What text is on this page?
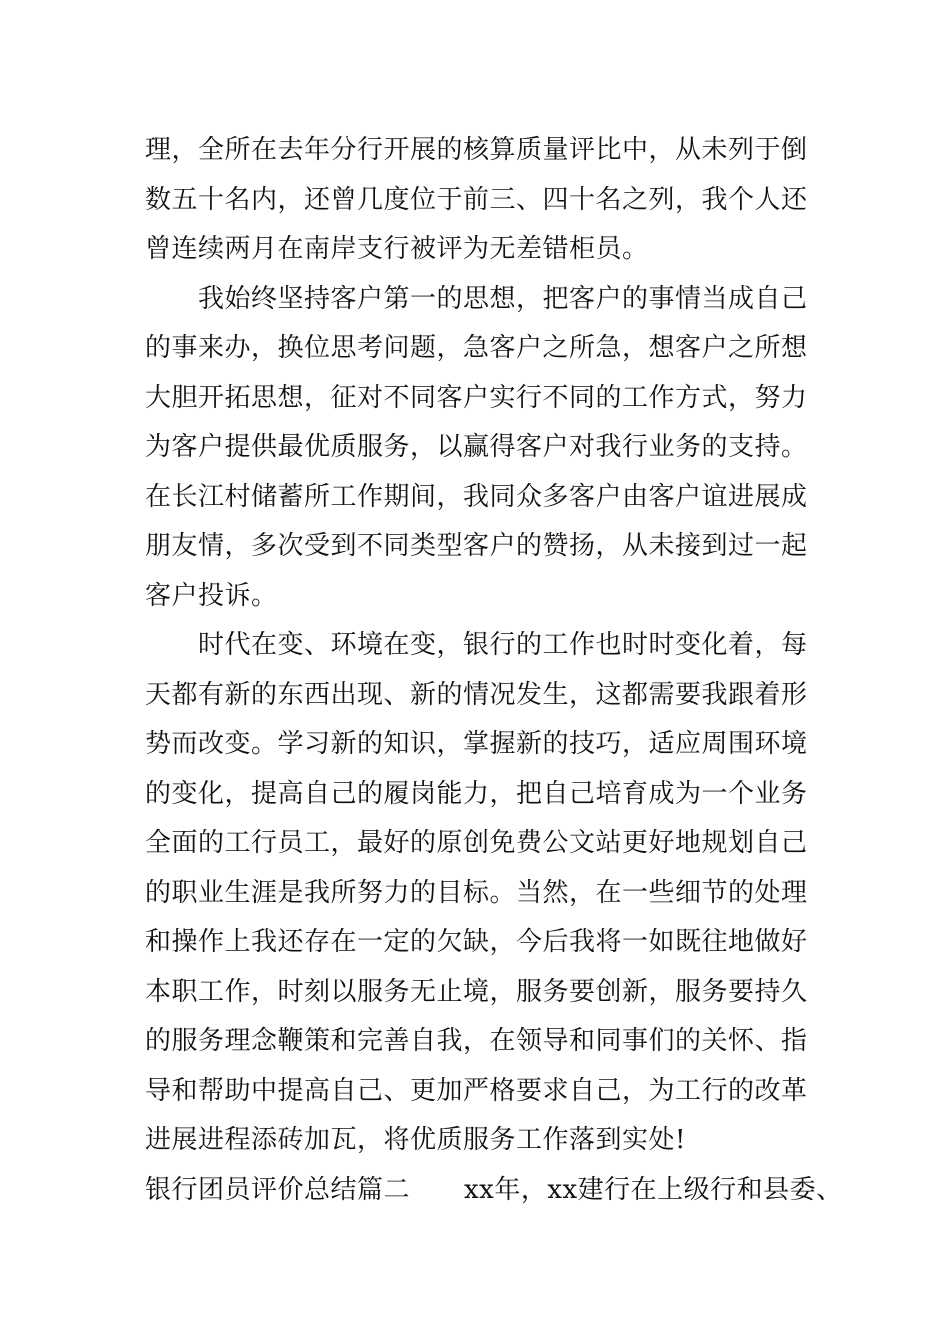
理，全所在去年分行开展的核算质量评比中，从未列于倒
数五十名内，还曾几度位于前三、四十名之列，我个人还
曾连续两月在南岸支行被评为无差错柜员。
我始终坚持客户第一的思想，把客户的事情当成自己
的事来办，换位思考问题，急客户之所急，想客户之所想
大胆开拓思想，征对不同客户实行不同的工作方式，努力
为客户提供最优质服务，以赢得客户对我行业务的支持。
在长江村储蓄所工作期间，我同众多客户由客户谊进展成
朋友情，多次受到不同类型客户的赞扬，从未接到过一起
客户投诉。
时代在变、环境在变，银行的工作也时时变化着，每
天都有新的东西出现、新的情况发生，这都需要我跟着形
势而改变。学习新的知识，掌握新的技巧，适应周围环境
的变化，提高自己的履岗能力，把自己培育成为一个业务
全面的工行员工，最好的原创免费公文站更好地规划自己
的职业生涯是我所努力的目标。当然，在一些细节的处理
和操作上我还存在一定的欠缺，今后我将一如既往地做好
本职工作，时刻以服务无止境，服务要创新，服务要持久
的服务理念鞭策和完善自我，在领导和同事们的关怀、指
导和帮助中提高自己、更加严格要求自己，为工行的改革
进展进程添砖加瓦，将优质服务工作落到实处!
银行团员评价总结篇二 xx年，xx建行在上级行和县委、
